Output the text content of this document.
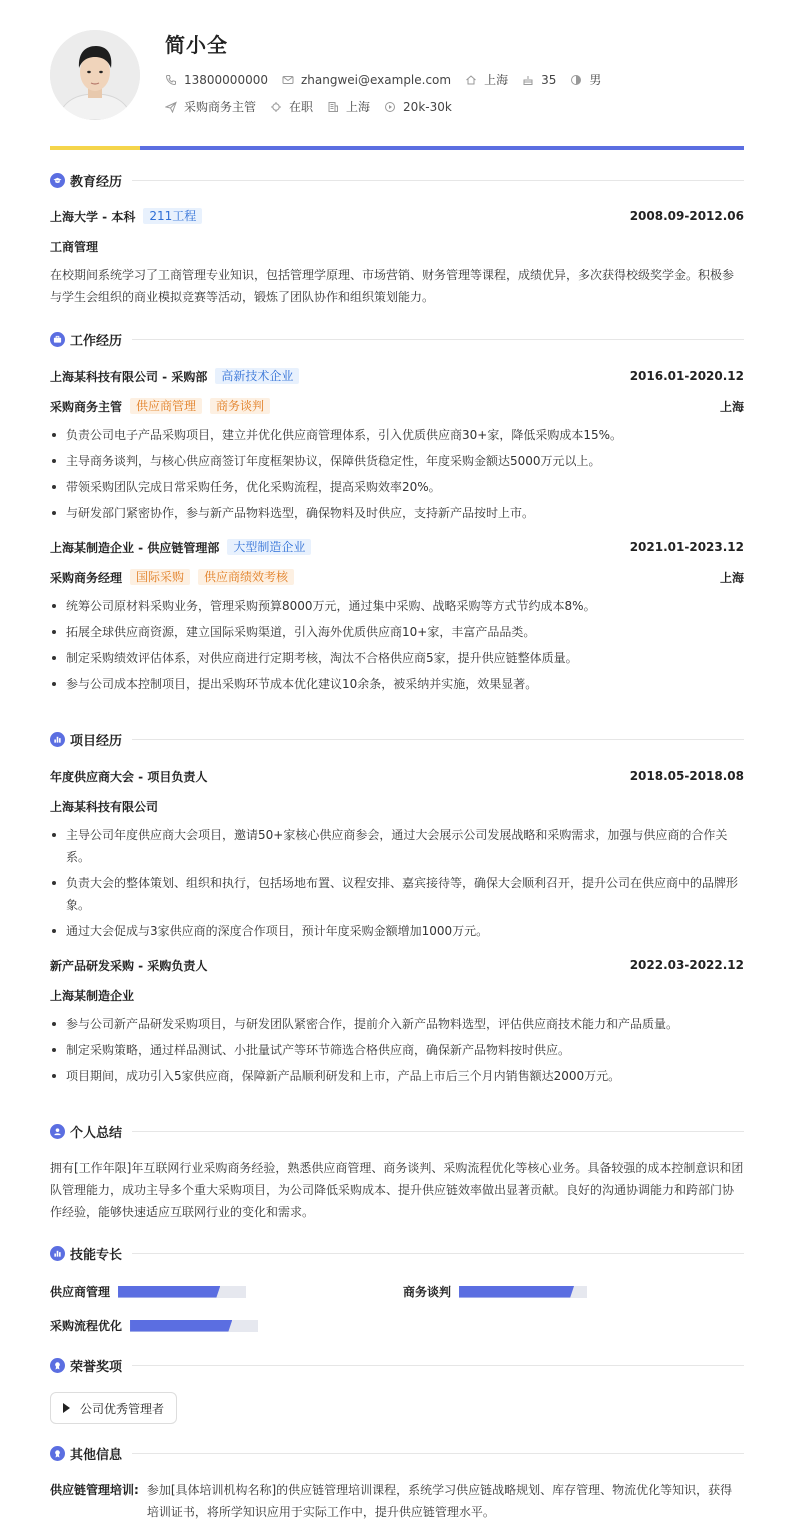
简小全
13800000000	zhangwei@example.com	上海	35	男
采购商务主管	在职	上海	20k-30k
教育经历
上海大学 - 本科	211工程	2008.09-2012.06
工商管理

在校期间系统学习了工商管理专业知识，包括管理学原理、市场营销、财务管理等课程，成绩优异，多次获得校级奖学金。积极参与学生会组织的商业模拟竞赛等活动，锻炼了团队协作和组织策划能力。

工作经历
上海某科技有限公司 - 采购部	高新技术企业	2016.01-2020.12
采购商务主管	供应商管理	商务谈判	上海
负责公司电子产品采购项目，建立并优化供应商管理体系，引入优质供应商30+家，降低采购成本15%。
主导商务谈判，与核心供应商签订年度框架协议，保障供货稳定性，年度采购金额达5000万元以上。
带领采购团队完成日常采购任务，优化采购流程，提高采购效率20%。
与研发部门紧密协作，参与新产品物料选型，确保物料及时供应，支持新产品按时上市。
上海某制造企业 - 供应链管理部	大型制造企业	2021.01-2023.12
采购商务经理	国际采购	供应商绩效考核	上海
统筹公司原材料采购业务，管理采购预算8000万元，通过集中采购、战略采购等方式节约成本8%。
拓展全球供应商资源，建立国际采购渠道，引入海外优质供应商10+家，丰富产品品类。
制定采购绩效评估体系，对供应商进行定期考核，淘汰不合格供应商5家，提升供应链整体质量。
参与公司成本控制项目，提出采购环节成本优化建议10余条，被采纳并实施，效果显著。
项目经历
年度供应商大会 - 项目负责人	2018.05-2018.08
上海某科技有限公司
主导公司年度供应商大会项目，邀请50+家核心供应商参会，通过大会展示公司发展战略和采购需求，加强与供应商的合作关系。
负责大会的整体策划、组织和执行，包括场地布置、议程安排、嘉宾接待等，确保大会顺利召开，提升公司在供应商中的品牌形象。
通过大会促成与3家供应商的深度合作项目，预计年度采购金额增加1000万元。
新产品研发采购 - 采购负责人	2022.03-2022.12
上海某制造企业
参与公司新产品研发采购项目，与研发团队紧密合作，提前介入新产品物料选型，评估供应商技术能力和产品质量。
制定采购策略，通过样品测试、小批量试产等环节筛选合格供应商，确保新产品物料按时供应。
项目期间，成功引入5家供应商，保障新产品顺利研发和上市，产品上市后三个月内销售额达2000万元。
个人总结

拥有[工作年限]年互联网行业采购商务经验，熟悉供应商管理、商务谈判、采购流程优化等核心业务。具备较强的成本控制意识和团队管理能力，成功主导多个重大采购项目，为公司降低采购成本、提升供应链效率做出显著贡献。良好的沟通协调能力和跨部门协作经验，能够快速适应互联网行业的变化和需求。

技能专长
供应商管理	商务谈判
采购流程优化
荣誉奖项
公司优秀管理者
其他信息
供应链管理培训: 参加[具体培训机构名称]的供应链管理培训课程，系统学习供应链战略规划、库存管理、物流优化等知识，获得培训证书，将所学知识应用于实际工作中，提升供应链管理水平。
